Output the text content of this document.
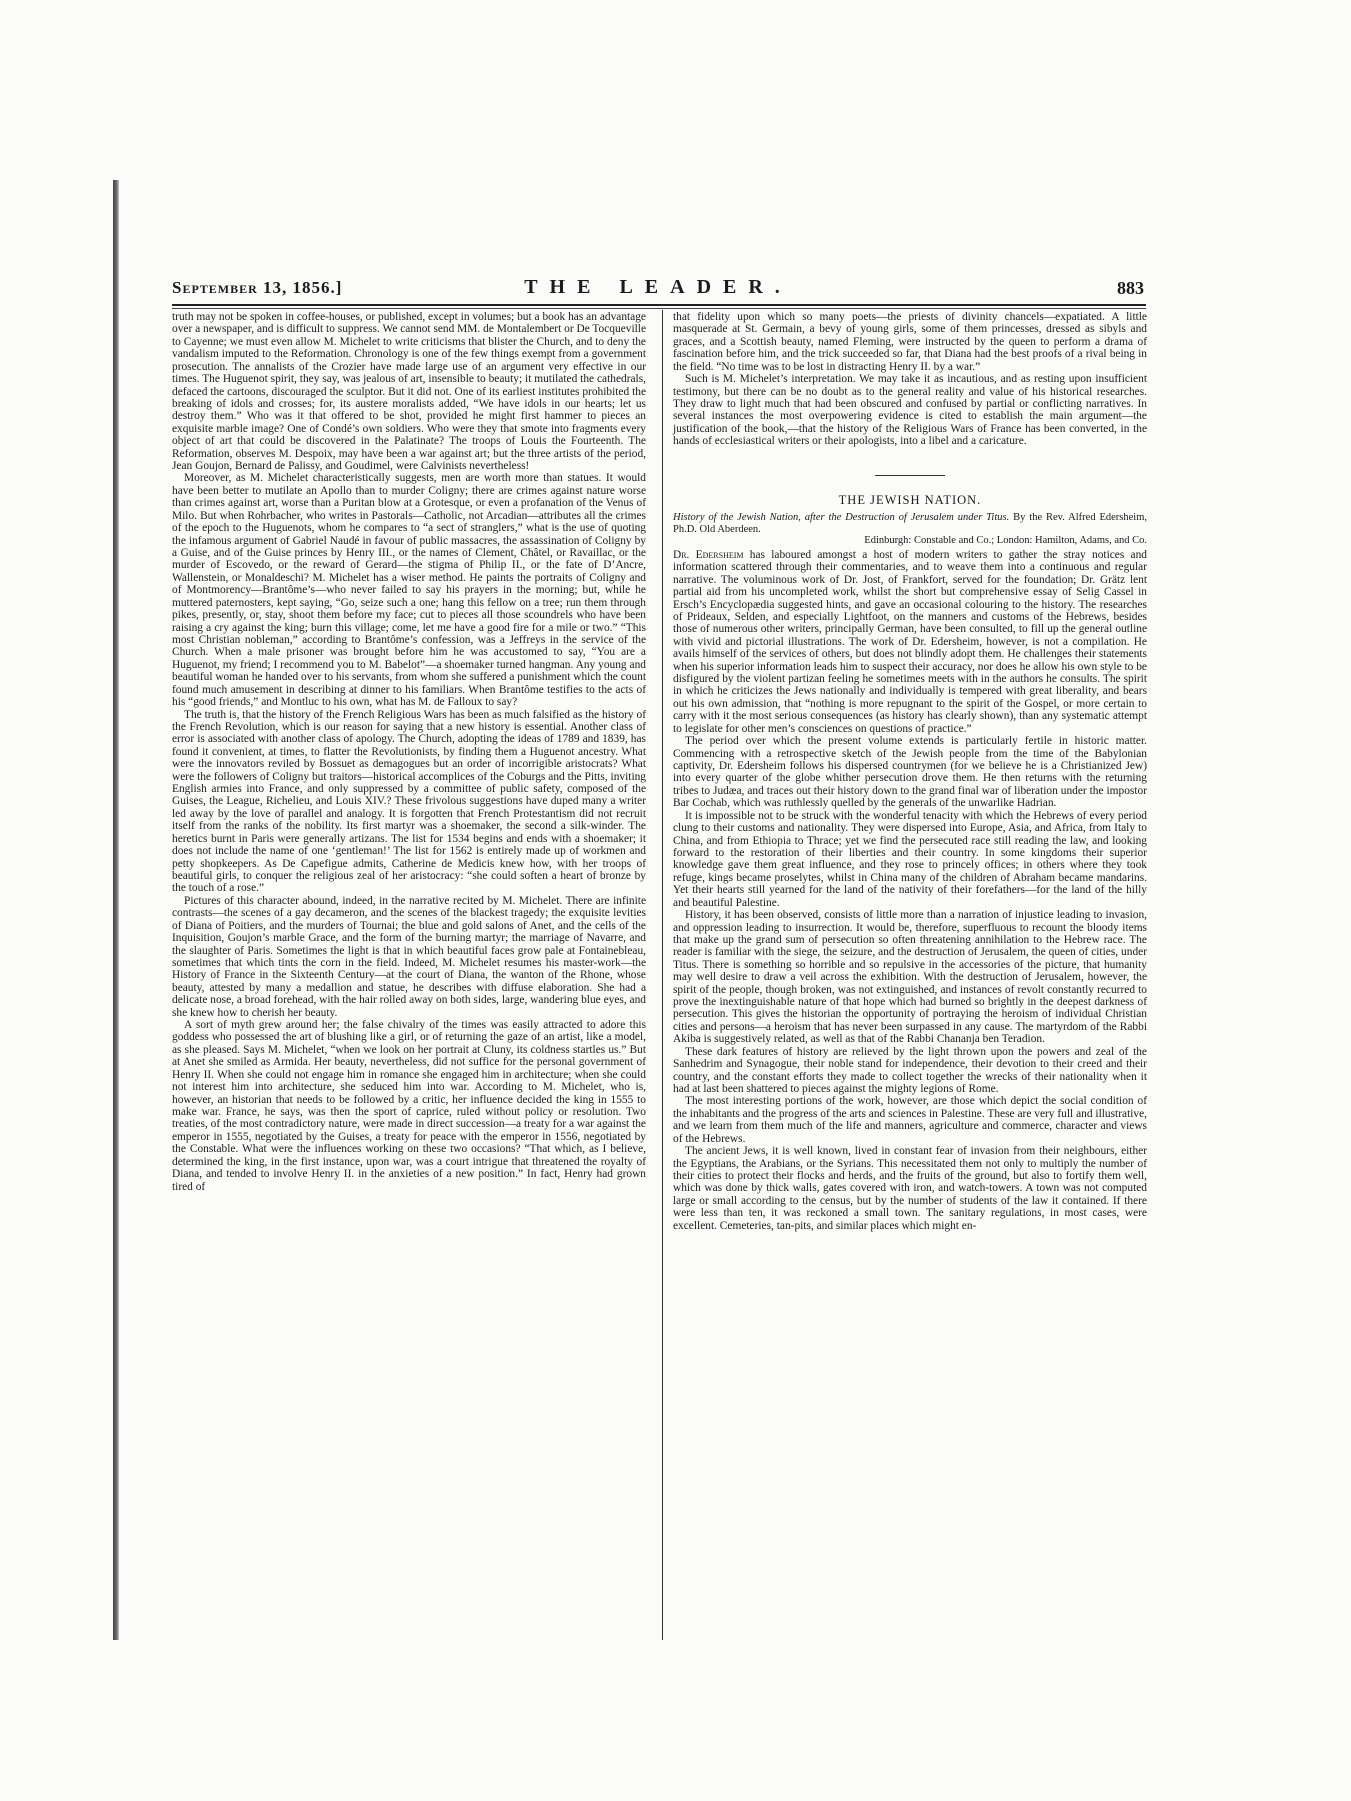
September 13, 1856.]	THE LEADER.	883

truth may not be spoken in coffee-houses, or published, except in volumes; but a book has an advantage over a newspaper, and is difficult to suppress. We cannot send MM. de Montalembert or De Tocqueville to Cayenne; we must even allow M. Michelet to write criticisms that blister the Church, and to deny the vandalism imputed to the Reformation. Chronology is one of the few things exempt from a government prosecution. The annalists of the Crozier have made large use of an argument very effective in our times. The Huguenot spirit, they say, was jealous of art, insensible to beauty; it mutilated the cathedrals, defaced the cartoons, discouraged the sculptor. But it did not. One of its earliest institutes prohibited the breaking of idols and crosses; for, its austere moralists added, “We have idols in our hearts; let us destroy them.” Who was it that offered to be shot, provided he might first hammer to pieces an exquisite marble image? One of Condé’s own soldiers. Who were they that smote into fragments every object of art that could be discovered in the Palatinate? The troops of Louis the Fourteenth. The Reformation, observes M. Despoix, may have been a war against art; but the three artists of the period, Jean Goujon, Bernard de Palissy, and Goudimel, were Calvinists nevertheless!

Moreover, as M. Michelet characteristically suggests, men are worth more than statues. It would have been better to mutilate an Apollo than to murder Coligny; there are crimes against nature worse than crimes against art, worse than a Puritan blow at a Grotesque, or even a profanation of the Venus of Milo. But when Rohrbacher, who writes in Pastorals—Catholic, not Arcadian—attributes all the crimes of the epoch to the Huguenots, whom he compares to “a sect of stranglers,” what is the use of quoting the infamous argument of Gabriel Naudé in favour of public massacres, the assassination of Coligny by a Guise, and of the Guise princes by Henry III., or the names of Clement, Châtel, or Ravaillac, or the murder of Escovedo, or the reward of Gerard—the stigma of Philip II., or the fate of D’Ancre, Wallenstein, or Monaldeschi? M. Michelet has a wiser method. He paints the portraits of Coligny and of Montmorency—Brantôme’s—who never failed to say his prayers in the morning; but, while he muttered paternosters, kept saying, “Go, seize such a one; hang this fellow on a tree; run them through pikes, presently, or, stay, shoot them before my face; cut to pieces all those scoundrels who have been raising a cry against the king; burn this village; come, let me have a good fire for a mile or two.” “This most Christian nobleman,” according to Brantôme’s confession, was a Jeffreys in the service of the Church. When a male prisoner was brought before him he was accustomed to say, “You are a Huguenot, my friend; I recommend you to M. Babelot”—a shoemaker turned hangman. Any young and beautiful woman he handed over to his servants, from whom she suffered a punishment which the count found much amusement in describing at dinner to his familiars. When Brantôme testifies to the acts of his “good friends,” and Montluc to his own, what has M. de Falloux to say?

The truth is, that the history of the French Religious Wars has been as much falsified as the history of the French Revolution, which is our reason for saying that a new history is essential. Another class of error is associated with another class of apology. The Church, adopting the ideas of 1789 and 1839, has found it convenient, at times, to flatter the Revolutionists, by finding them a Huguenot ancestry. What were the innovators reviled by Bossuet as demagogues but an order of incorrigible aristocrats? What were the followers of Coligny but traitors—historical accomplices of the Coburgs and the Pitts, inviting English armies into France, and only suppressed by a committee of public safety, composed of the Guises, the League, Richelieu, and Louis XIV.? These frivolous suggestions have duped many a writer led away by the love of parallel and analogy. It is forgotten that French Protestantism did not recruit itself from the ranks of the nobility. Its first martyr was a shoemaker, the second a silk-winder. The heretics burnt in Paris were generally artizans. The list for 1534 begins and ends with a shoemaker; it does not include the name of one ‘gentleman!’ The list for 1562 is entirely made up of workmen and petty shopkeepers. As De Capefigue admits, Catherine de Medicis knew how, with her troops of beautiful girls, to conquer the religious zeal of her aristocracy: “she could soften a heart of bronze by the touch of a rose.”

Pictures of this character abound, indeed, in the narrative recited by M. Michelet. There are infinite contrasts—the scenes of a gay decameron, and the scenes of the blackest tragedy; the exquisite levities of Diana of Poitiers, and the murders of Tournai; the blue and gold salons of Anet, and the cells of the Inquisition, Goujon’s marble Grace, and the form of the burning martyr; the marriage of Navarre, and the slaughter of Paris. Sometimes the light is that in which beautiful faces grow pale at Fontainebleau, sometimes that which tints the corn in the field. Indeed, M. Michelet resumes his master-work—the History of France in the Sixteenth Century—at the court of Diana, the wanton of the Rhone, whose beauty, attested by many a medallion and statue, he describes with diffuse elaboration. She had a delicate nose, a broad forehead, with the hair rolled away on both sides, large, wandering blue eyes, and she knew how to cherish her beauty.

A sort of myth grew around her; the false chivalry of the times was easily attracted to adore this goddess who possessed the art of blushing like a girl, or of returning the gaze of an artist, like a model, as she pleased. Says M. Michelet, “when we look on her portrait at Cluny, its coldness startles us.” But at Anet she smiled as Armida. Her beauty, nevertheless, did not suffice for the personal government of Henry II. When she could not engage him in romance she engaged him in architecture; when she could not interest him into architecture, she seduced him into war. According to M. Michelet, who is, however, an historian that needs to be followed by a critic, her influence decided the king in 1555 to make war. France, he says, was then the sport of caprice, ruled without policy or resolution. Two treaties, of the most contradictory nature, were made in direct succession—a treaty for a war against the emperor in 1555, negotiated by the Guises, a treaty for peace with the emperor in 1556, negotiated by the Constable. What were the influences working on these two occasions? “That which, as I believe, determined the king, in the first instance, upon war, was a court intrigue that threatened the royalty of Diana, and tended to involve Henry II. in the anxieties of a new position.” In fact, Henry had grown tired of

that fidelity upon which so many poets—the priests of divinity chancels—expatiated. A little masquerade at St. Germain, a bevy of young girls, some of them princesses, dressed as sibyls and graces, and a Scottish beauty, named Fleming, were instructed by the queen to perform a drama of fascination before him, and the trick succeeded so far, that Diana had the best proofs of a rival being in the field. “No time was to be lost in distracting Henry II. by a war.”

Such is M. Michelet’s interpretation. We may take it as incautious, and as resting upon insufficient testimony, but there can be no doubt as to the general reality and value of his historical researches. They draw to light much that had been obscured and confused by partial or conflicting narratives. In several instances the most overpowering evidence is cited to establish the main argument—the justification of the book,—that the history of the Religious Wars of France has been converted, in the hands of ecclesiastical writers or their apologists, into a libel and a caricature.

THE JEWISH NATION.
History of the Jewish Nation, after the Destruction of Jerusalem under Titus. By the Rev. Alfred Edersheim, Ph.D. Old Aberdeen.
Edinburgh: Constable and Co.; London: Hamilton, Adams, and Co.

Dr. Edersheim has laboured amongst a host of modern writers to gather the stray notices and information scattered through their commentaries, and to weave them into a continuous and regular narrative. The voluminous work of Dr. Jost, of Frankfort, served for the foundation; Dr. Grätz lent partial aid from his uncompleted work, whilst the short but comprehensive essay of Selig Cassel in Ersch’s Encyclopædia suggested hints, and gave an occasional colouring to the history. The researches of Prideaux, Selden, and especially Lightfoot, on the manners and customs of the Hebrews, besides those of numerous other writers, principally German, have been consulted, to fill up the general outline with vivid and pictorial illustrations. The work of Dr. Edersheim, however, is not a compilation. He avails himself of the services of others, but does not blindly adopt them. He challenges their statements when his superior information leads him to suspect their accuracy, nor does he allow his own style to be disfigured by the violent partizan feeling he sometimes meets with in the authors he consults. The spirit in which he criticizes the Jews nationally and individually is tempered with great liberality, and bears out his own admission, that “nothing is more repugnant to the spirit of the Gospel, or more certain to carry with it the most serious consequences (as history has clearly shown), than any systematic attempt to legislate for other men’s consciences on questions of practice.”

The period over which the present volume extends is particularly fertile in historic matter. Commencing with a retrospective sketch of the Jewish people from the time of the Babylonian captivity, Dr. Edersheim follows his dispersed countrymen (for we believe he is a Christianized Jew) into every quarter of the globe whither persecution drove them. He then returns with the returning tribes to Judæa, and traces out their history down to the grand final war of liberation under the impostor Bar Cochab, which was ruthlessly quelled by the generals of the unwarlike Hadrian.

It is impossible not to be struck with the wonderful tenacity with which the Hebrews of every period clung to their customs and nationality. They were dispersed into Europe, Asia, and Africa, from Italy to China, and from Ethiopia to Thrace; yet we find the persecuted race still reading the law, and looking forward to the restoration of their liberties and their country. In some kingdoms their superior knowledge gave them great influence, and they rose to princely offices; in others where they took refuge, kings became proselytes, whilst in China many of the children of Abraham became mandarins. Yet their hearts still yearned for the land of the nativity of their forefathers—for the land of the hilly and beautiful Palestine.

History, it has been observed, consists of little more than a narration of injustice leading to invasion, and oppression leading to insurrection. It would be, therefore, superfluous to recount the bloody items that make up the grand sum of persecution so often threatening annihilation to the Hebrew race. The reader is familiar with the siege, the seizure, and the destruction of Jerusalem, the queen of cities, under Titus. There is something so horrible and so repulsive in the accessories of the picture, that humanity may well desire to draw a veil across the exhibition. With the destruction of Jerusalem, however, the spirit of the people, though broken, was not extinguished, and instances of revolt constantly recurred to prove the inextinguishable nature of that hope which had burned so brightly in the deepest darkness of persecution. This gives the historian the opportunity of portraying the heroism of individual Christian cities and persons—a heroism that has never been surpassed in any cause. The martyrdom of the Rabbi Akiba is suggestively related, as well as that of the Rabbi Chananja ben Teradion.

These dark features of history are relieved by the light thrown upon the powers and zeal of the Sanhedrim and Synagogue, their noble stand for independence, their devotion to their creed and their country, and the constant efforts they made to collect together the wrecks of their nationality when it had at last been shattered to pieces against the mighty legions of Rome.

The most interesting portions of the work, however, are those which depict the social condition of the inhabitants and the progress of the arts and sciences in Palestine. These are very full and illustrative, and we learn from them much of the life and manners, agriculture and commerce, character and views of the Hebrews.

The ancient Jews, it is well known, lived in constant fear of invasion from their neighbours, either the Egyptians, the Arabians, or the Syrians. This necessitated them not only to multiply the number of their cities to protect their flocks and herds, and the fruits of the ground, but also to fortify them well, which was done by thick walls, gates covered with iron, and watch-towers. A town was not computed large or small according to the census, but by the number of students of the law it contained. If there were less than ten, it was reckoned a small town. The sanitary regulations, in most cases, were excellent. Cemeteries, tan-pits, and similar places which might en-
